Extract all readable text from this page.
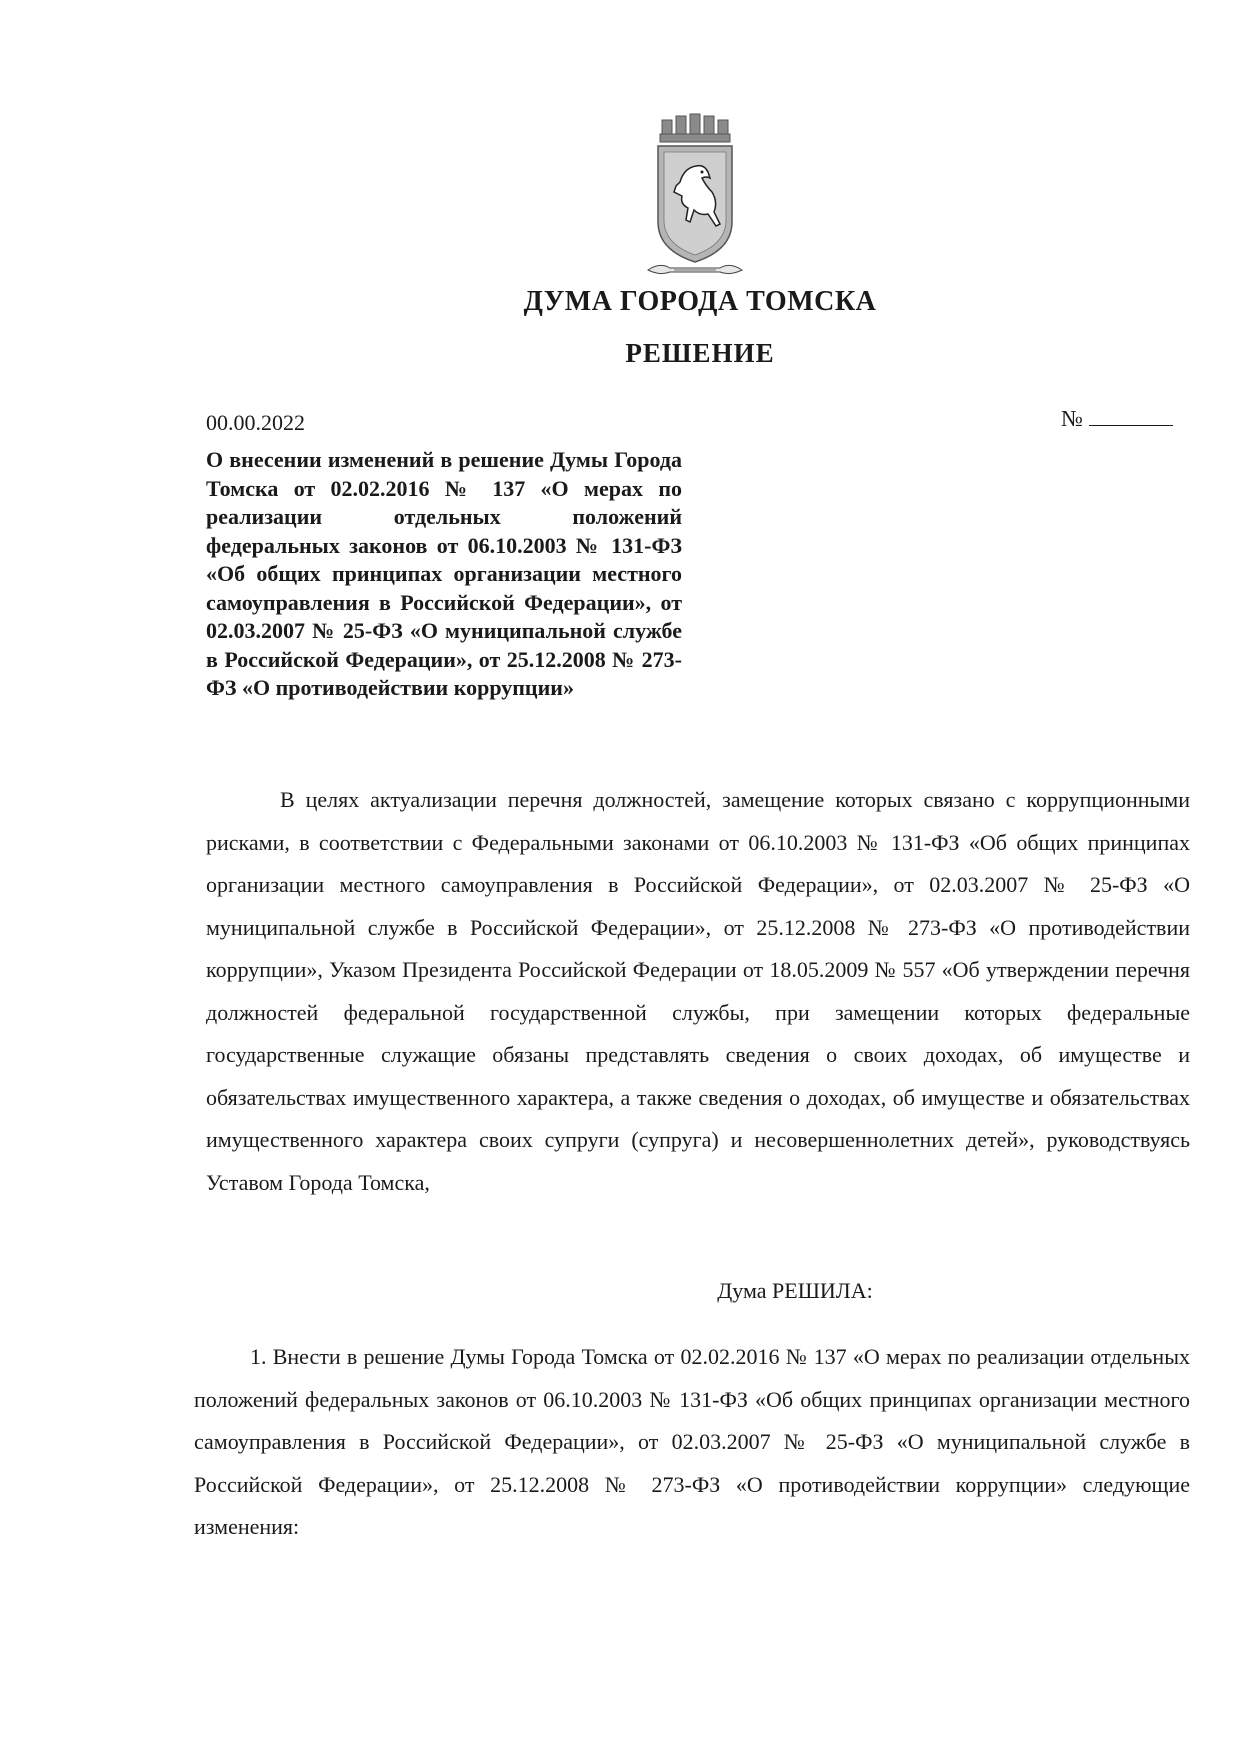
ДУМА ГОРОДА ТОМСКА
РЕШЕНИЕ
00.00.2022	№
О внесении изменений в решение Думы Города Томска от 02.02.2016 № 137 «О мерах по реализации отдельных положений федеральных законов от 06.10.2003 № 131-ФЗ «Об общих принципах организации местного самоуправления в Российской Федерации», от 02.03.2007 № 25-ФЗ «О муниципальной службе в Российской Федерации», от 25.12.2008 № 273-ФЗ «О противодействии коррупции»
В целях актуализации перечня должностей, замещение которых связано с коррупционными рисками, в соответствии с Федеральными законами от 06.10.2003 № 131-ФЗ «Об общих принципах организации местного самоуправления в Российской Федерации», от 02.03.2007 № 25-ФЗ «О муниципальной службе в Российской Федерации», от 25.12.2008 № 273-ФЗ «О противодействии коррупции», Указом Президента Российской Федерации от 18.05.2009 № 557 «Об утверждении перечня должностей федеральной государственной службы, при замещении которых федеральные государственные служащие обязаны представлять сведения о своих доходах, об имуществе и обязательствах имущественного характера, а также сведения о доходах, об имуществе и обязательствах имущественного характера своих супруги (супруга) и несовершеннолетних детей», руководствуясь Уставом Города Томска,
Дума РЕШИЛА:
1. Внести в решение Думы Города Томска от 02.02.2016 № 137 «О мерах по реализации отдельных положений федеральных законов от 06.10.2003 № 131-ФЗ «Об общих принципах организации местного самоуправления в Российской Федерации», от 02.03.2007 № 25-ФЗ «О муниципальной службе в Российской Федерации», от 25.12.2008 № 273-ФЗ «О противодействии коррупции» следующие изменения:
